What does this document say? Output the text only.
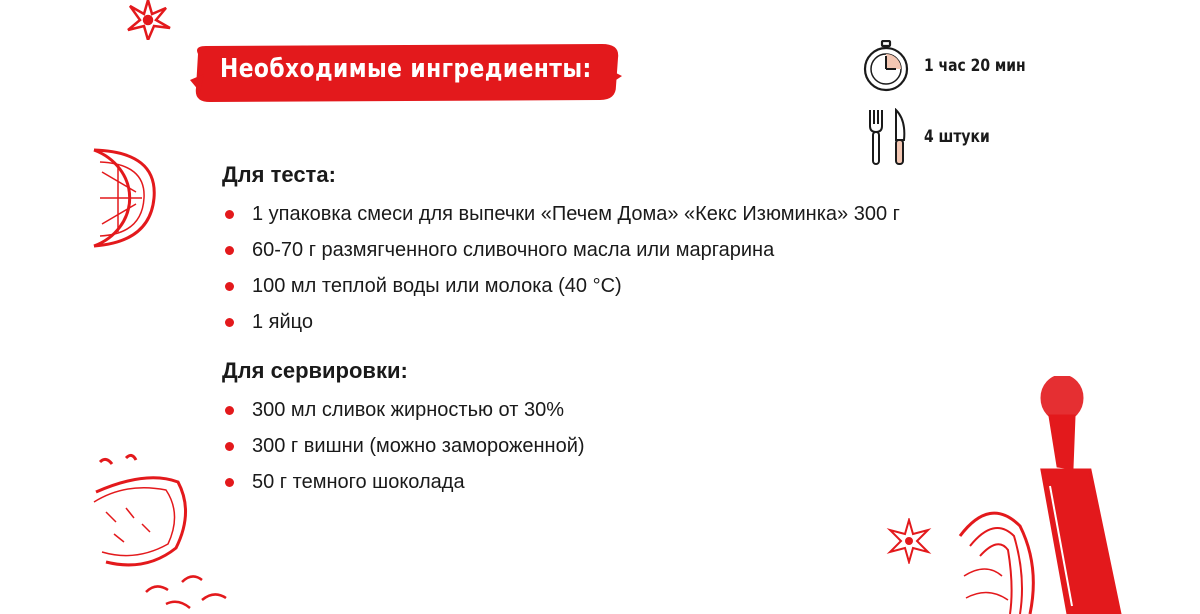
Необходимые ингредиенты:	1 час 20 мин
4 штуки
Для теста:
1 упаковка смеси для выпечки «Печем Дома» «Кекс Изюминка» 300 г
60-70 г размягченного сливочного масла или маргарина
100 мл теплой воды или молока (40 °C)
1 яйцо
Для сервировки:
300 мл сливок жирностью от 30%
300 г вишни (можно замороженной)
50 г темного шоколада
